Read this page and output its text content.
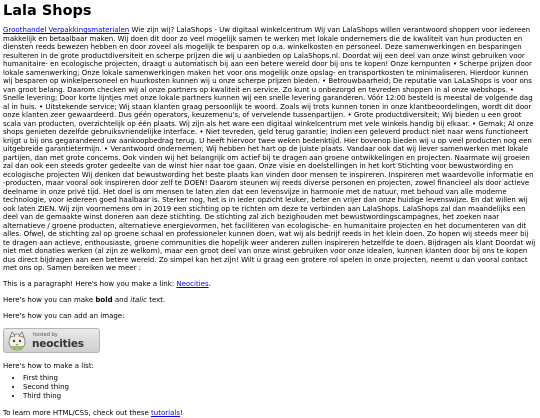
Lala Shops

Groothandel Verpakkingsmaterialen Wie zijn wij? LalaShops - Uw digitaal winkelcentrum Wij van LalaShops willen verantwoord shoppen voor iedereen makkelijk en betaalbaar maken. Wij doen dit door zo veel mogelijk samen te werken met lokale ondernemers die de kwaliteit van hun producten en diensten reeds bewezen hebben en door zoveel als mogelijk te besparen op o.a. winkelkosten en personeel. Deze samenwerkingen en besparingen resulteren in de grote productdiversiteit en scherpe prijzen die wij u aanbieden op LalaShops.nl. Doordat wij een deel van onze winst gebruiken voor humanitaire- en ecologische projecten, draagt u automatisch bij aan een betere wereld door bij ons te kopen! Onze kernpunten • Scherpe prijzen door lokale samenwerking; Onze lokale samenwerkingen maken het voor ons mogelijk onze opslag- en transportkosten te minimaliseren. Hierdoor kunnen wij besparen op winkelpersoneel en huurkosten kunnen wij u onze scherpe prijzen bieden. • Betrouwbaarheid; De reputatie van LaLaShops is voor ons van groot belang. Daarom checken wij al onze partners op kwaliteit en service. Zo kunt u onbezorgd en tevreden shoppen in al onze webshops. • Snelle levering; Door korte lijntjes met onze lokale partners kunnen wij een snelle levering garanderen. Vóór 12:00 besteld is meestal de volgende dag al in huis. • Uitstekende service; Wij staan klanten graag persoonlijk te woord. Zoals wij trots kunnen tonen in onze klantbeoordelingen, wordt dit door onze klanten zeer gewaardeerd. Dus géén operators, keuzemenu's, of vervelende tussenpartijen. • Grote productdiversiteit; Wij bieden u een groot scala van producten, overzichtelijk op één plaats. Wij zijn als het ware een digitaal winkelcentrum met vele winkels handig bij elkaar. • Gemak; Al onze shops genieten dezelfde gebruiksvriendelijke interface. • Niet tevreden, geld terug garantie; Indien een geleverd product niet naar wens functioneert krijgt u bij ons gegarandeerd uw aankoopbedrag terug. U heeft hiervoor twee weken bedenktijd. Hier bovenop bieden wij u op veel producten nog een uitgebreide garantietermijn. • Verantwoord ondernemen; Wij hebben het hart op de juiste plaats. Vandaar ook dat wij liever samenwerken met lokale partijen, dan met grote concerns. Ook vinden wij het belangrijk om actief bij te dragen aan groene ontwikkelingen en projecten. Naarmate wij groeien zal dan ook een steeds groter gedeelte van de winst hier naar toe gaan. Onze visie en doelstellingen in het kort Stichting voor bewustwording en ecologische projecten Wij denken dat bewustwording het beste plaats kan vinden door mensen te inspireren. Inspireren met waardevolle informatie en -producten, maar vooral ook inspireren door zelf te DOEN! Daarom steunen wij reeds diverse personen en projecten, zowel financieel als door actieve deelname in onze privé tijd. Het doel is om mensen te laten zien dat een levensvijze in harmonie met de natuur, met behoud van alle moderne technologie, voor iedereen goed haalbaar is. Sterker nog, het is in ieder opzicht leuker, beter en vrijer dan onze huidige levenswijze. En dat willen wij ook laten ZIEN. Wij zijn voornemens om in 2019 een stichting op te richten om deze te verbinden aan LalaShops. LalaShops zal dan maandelijks een deel van de gemaakte winst doneren aan deze stichting. De stichting zal zich bezighouden met bewustwordingscampagnes, het zoeken naar alternatieve / groene producten, alternatieve energievormen, het faciliteren van ecologische- en humanitaire projecten en het documenteren van dit alles. Ofwel, de stichting zal op groene schaal en professioneler kunnen doen, wat wij als bedrijf reeds in het klein doen. Zo hopen wij steeds meer bij te dragen aan actieve, enthousiaste, groene communities die hopelijk weer anderen zullen inspireren hetzelfde te doen. Bijdragen als klant Doordat wij niet met donaties werken (al zijn ze welkom), maar een groot deel van onze winst gebruiken voor onze idealen, kunnen klanten door bij ons te kopen dus direct bijdragen aan een betere wereld. Zo simpel kan het zijn! Wilt u graag een grotere rol spelen in onze projecten, neemt u dan vooral contact met ons op. Samen bereiken we meer :

This is a paragraph! Here's how you make a link: Neocities.

Here's how you can make bold and italic text.

Here's how you can add an image:

hosted by
neocities

Here's how to make a list:

• First thing
• Second thing
• Third thing

To learn more HTML/CSS, check out these tutorials!
